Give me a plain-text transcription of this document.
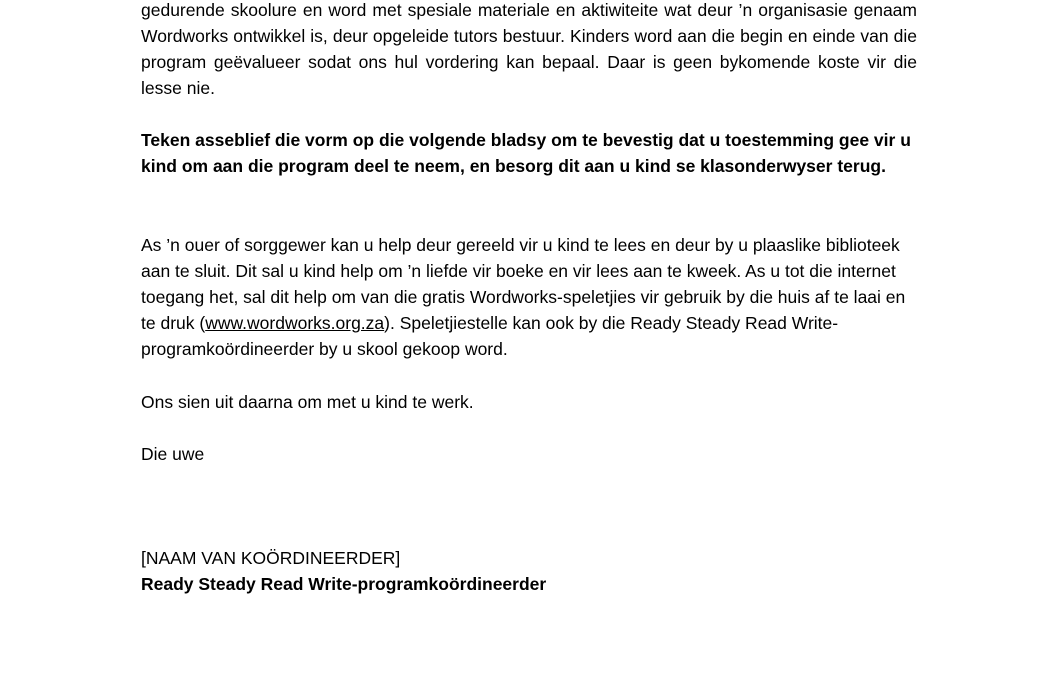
gedurende skoolure en word met spesiale materiale en aktiwiteite wat deur ’n organisasie genaam Wordworks ontwikkel is, deur opgeleide tutors bestuur. Kinders word aan die begin en einde van die program geëvalueer sodat ons hul vordering kan bepaal. Daar is geen bykomende koste vir die lesse nie.

Teken asseblief die vorm op die volgende bladsy om te bevestig dat u toestemming gee vir u kind om aan die program deel te neem, en besorg dit aan u kind se klasonderwyser terug.

As ’n ouer of sorggewer kan u help deur gereeld vir u kind te lees en deur by u plaaslike biblioteek aan te sluit. Dit sal u kind help om ’n liefde vir boeke en vir lees aan te kweek. As u tot die internet toegang het, sal dit help om van die gratis Wordworks-speletjies vir gebruik by die huis af te laai en te druk (www.wordworks.org.za). Speletjiestelle kan ook by die Ready Steady Read Write-programkoördineerder by u skool gekoop word.

Ons sien uit daarna om met u kind te werk.

Die uwe

[NAAM VAN KOÖRDINEERDER]

Ready Steady Read Write-programkoördineerder
